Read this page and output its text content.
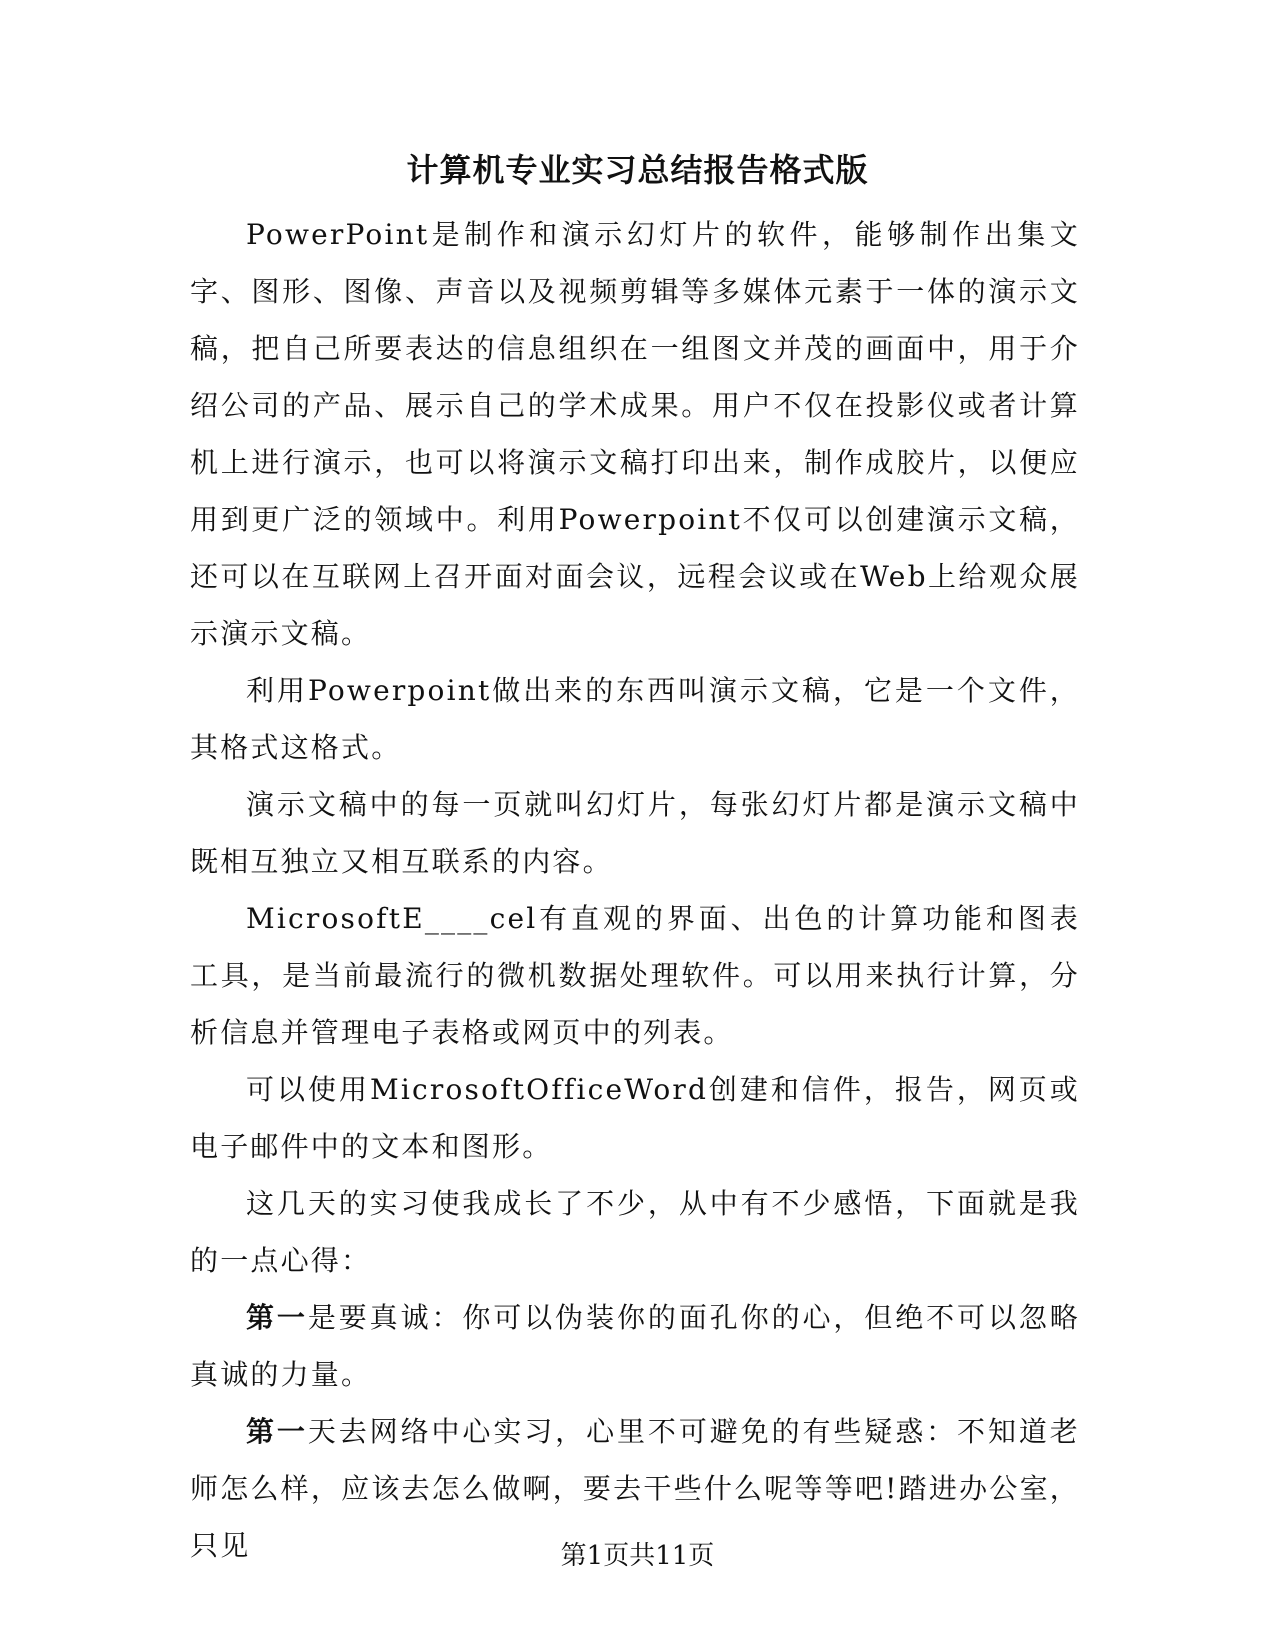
计算机专业实习总结报告格式版

PowerPoint是制作和演示幻灯片的软件，能够制作出集文字、图形、图像、声音以及视频剪辑等多媒体元素于一体的演示文稿，把自己所要表达的信息组织在一组图文并茂的画面中，用于介绍公司的产品、展示自己的学术成果。用户不仅在投影仪或者计算机上进行演示，也可以将演示文稿打印出来，制作成胶片，以便应用到更广泛的领域中。利用Powerpoint不仅可以创建演示文稿，还可以在互联网上召开面对面会议，远程会议或在Web上给观众展示演示文稿。

利用Powerpoint做出来的东西叫演示文稿，它是一个文件，其格式这格式。

演示文稿中的每一页就叫幻灯片，每张幻灯片都是演示文稿中既相互独立又相互联系的内容。

MicrosoftE____cel有直观的界面、出色的计算功能和图表工具，是当前最流行的微机数据处理软件。可以用来执行计算，分析信息并管理电子表格或网页中的列表。

可以使用MicrosoftOfficeWord创建和信件，报告，网页或电子邮件中的文本和图形。

这几天的实习使我成长了不少，从中有不少感悟，下面就是我的一点心得：

第一是要真诚：你可以伪装你的面孔你的心，但绝不可以忽略真诚的力量。

第一天去网络中心实习，心里不可避免的有些疑惑：不知道老师怎么样，应该去怎么做啊，要去干些什么呢等等吧!踏进办公室，只见	第1页共11页
